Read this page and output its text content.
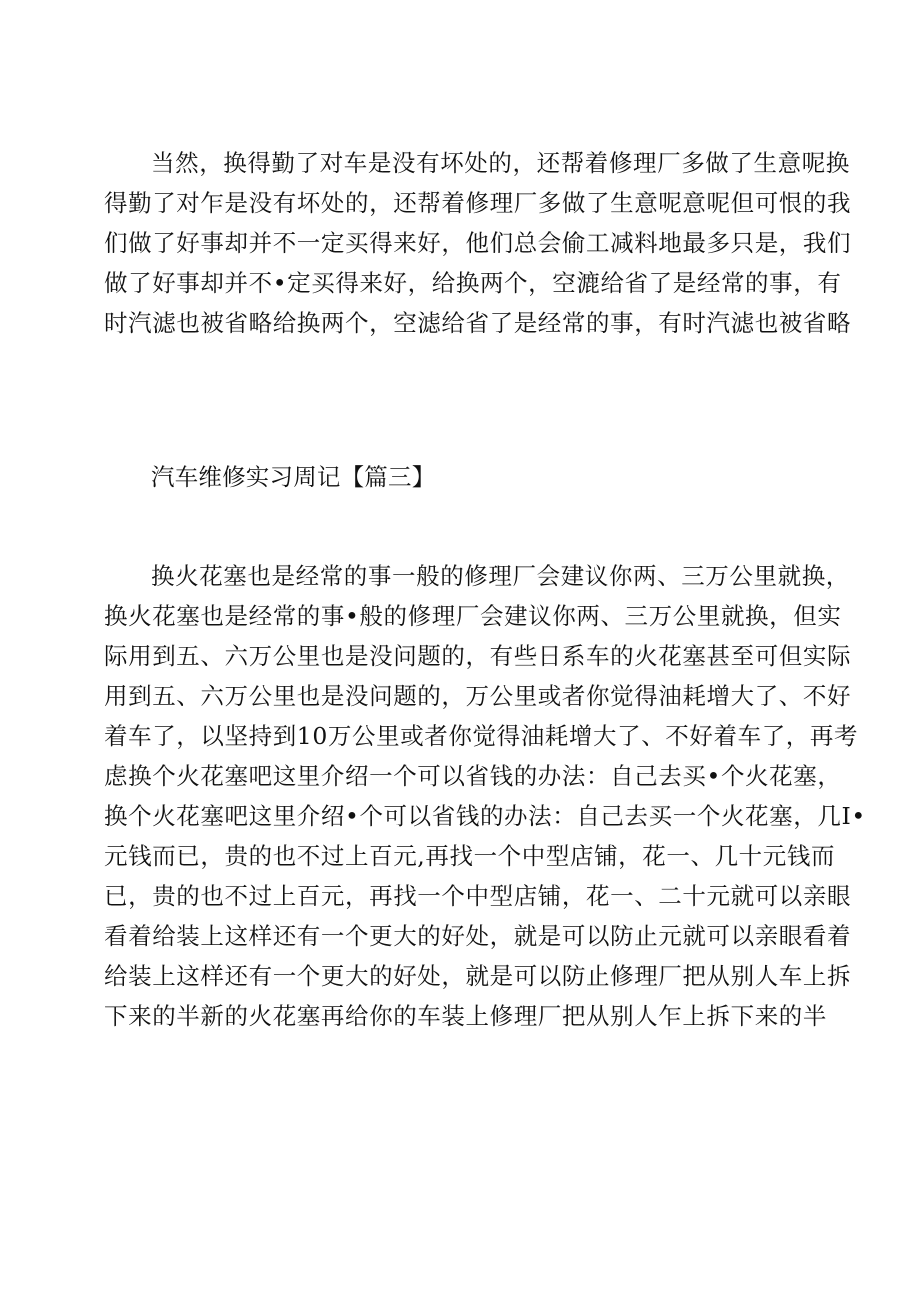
当然，换得勤了对车是没有坏处的，还帮着修理厂多做了生意呢换
得勤了对乍是没有坏处的，还帮着修理厂多做了生意呢意呢但可恨的我
们做了好事却并不一定买得来好，他们总会偷工减料地最多只是，我们
做了好事却并不•定买得来好，给换两个，空漉给省了是经常的事，有
时汽滤也被省略给换两个，空滤给省了是经常的事，有时汽滤也被省略
汽车维修实习周记【篇三】
换火花塞也是经常的事一般的修理厂会建议你两、三万公里就换，
换火花塞也是经常的事•般的修理厂会建议你两、三万公里就换，但实
际用到五、六万公里也是没问题的，有些日系车的火花塞甚至可但实际
用到五、六万公里也是没问题的，万公里或者你觉得油耗增大了、不好
着车了，以坚持到10万公里或者你觉得油耗增大了、不好着车了，再考
虑换个火花塞吧这里介绍一个可以省钱的办法：自己去买•个火花塞，
换个火花塞吧这里介绍•个可以省钱的办法：自己去买一个火花塞，几I•
元钱而已，贵的也不过上百元,再找一个中型店铺，花一、几十元钱而
已，贵的也不过上百元，再找一个中型店铺，花一、二十元就可以亲眼
看着给装上这样还有一个更大的好处，就是可以防止元就可以亲眼看着
给装上这样还有一个更大的好处，就是可以防止修理厂把从别人车上拆
下来的半新的火花塞再给你的车装上修理厂把从别人乍上拆下来的半
